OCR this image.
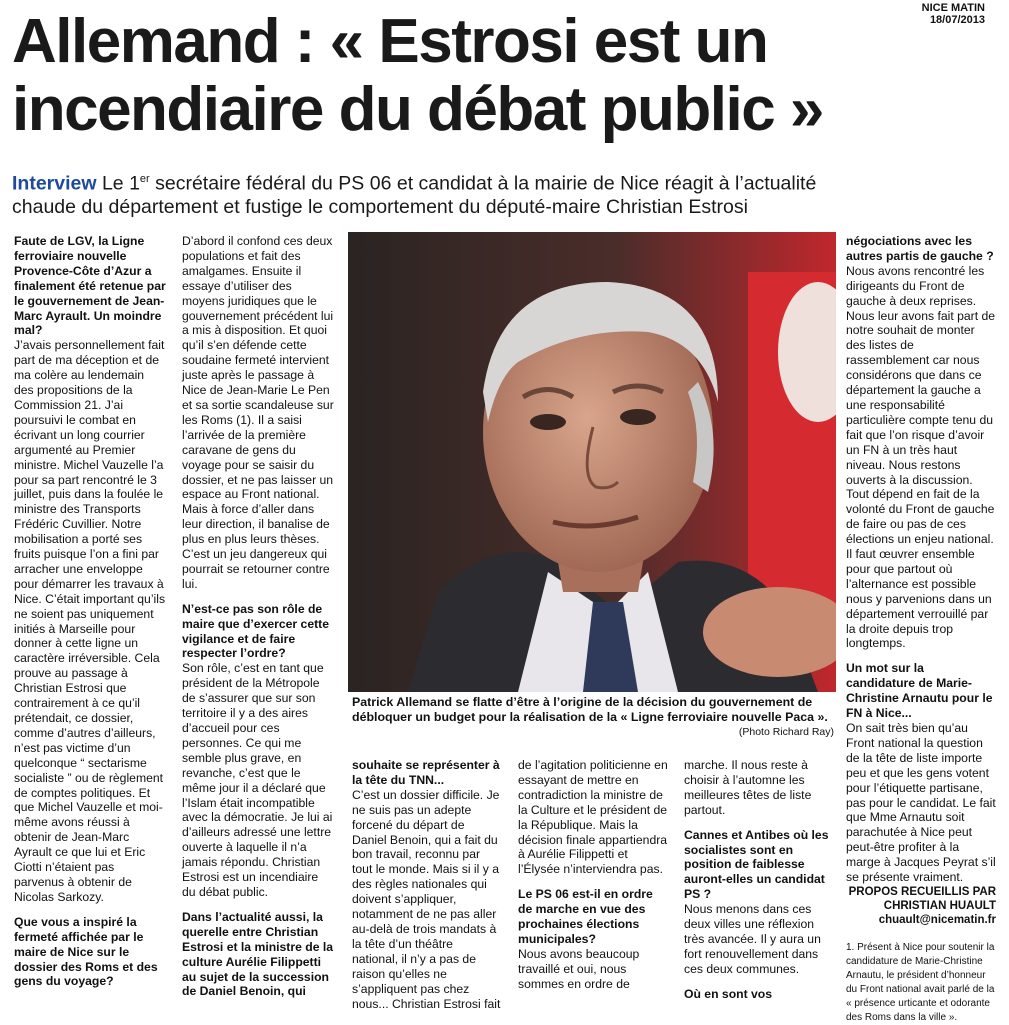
NICE MATIN
18/07/2013
Allemand : « Estrosi est un
incendiaire du débat public »
Interview Le 1er secrétaire fédéral du PS 06 et candidat à la mairie de Nice réagit à l’actualité
chaude du département et fustige le comportement du député-maire Christian Estrosi

Faute de LGV, la Ligne ferroviaire nouvelle Provence-Côte d’Azur a finalement été retenue par le gouvernement de Jean-Marc Ayrault. Un moindre mal?

J’avais personnellement fait part de ma déception et de ma colère au lendemain des propositions de la Commission 21. J’ai poursuivi le combat en écrivant un long courrier argumenté au Premier ministre. Michel Vauzelle l’a pour sa part rencontré le 3 juillet, puis dans la foulée le ministre des Transports Frédéric Cuvillier. Notre mobilisation a porté ses fruits puisque l’on a fini par arracher une enveloppe pour démarrer les travaux à Nice. C’était important qu’ils ne soient pas uniquement initiés à Marseille pour donner à cette ligne un caractère irréversible. Cela prouve au passage à Christian Estrosi que contrairement à ce qu’il prétendait, ce dossier, comme d’autres d’ailleurs, n’est pas victime d’un quelconque “ sectarisme socialiste ” ou de règlement de comptes politiques. Et que Michel Vauzelle et moi-même avons réussi à obtenir de Jean-Marc Ayrault ce que lui et Eric Ciotti n’étaient pas parvenus à obtenir de Nicolas Sarkozy.

Que vous a inspiré la fermeté affichée par le maire de Nice sur le dossier des Roms et des gens du voyage?

D’abord il confond ces deux populations et fait des amalgames. Ensuite il essaye d’utiliser des moyens juridiques que le gouvernement précédent lui a mis à disposition. Et quoi qu’il s’en défende cette soudaine fermeté intervient juste après le passage à Nice de Jean-Marie Le Pen et sa sortie scandaleuse sur les Roms (1). Il a saisi l’arrivée de la première caravane de gens du voyage pour se saisir du dossier, et ne pas laisser un espace au Front national. Mais à force d’aller dans leur direction, il banalise de plus en plus leurs thèses. C’est un jeu dangereux qui pourrait se retourner contre lui.

N’est-ce pas son rôle de maire que d’exercer cette vigilance et de faire respecter l’ordre?

Son rôle, c’est en tant que président de la Métropole de s’assurer que sur son territoire il y a des aires d’accueil pour ces personnes. Ce qui me semble plus grave, en revanche, c’est que le même jour il a déclaré que l’Islam était incompatible avec la démocratie. Je lui ai d’ailleurs adressé une lettre ouverte à laquelle il n’a jamais répondu. Christian Estrosi est un incendiaire du débat public.

Dans l’actualité aussi, la querelle entre Christian Estrosi et la ministre de la culture Aurélie Filippetti au sujet de la succession de Daniel Benoin, qui

Patrick Allemand se flatte d’être à l’origine de la décision du gouvernement de débloquer un budget pour la réalisation de la « Ligne ferroviaire nouvelle Paca ».
(Photo Richard Ray)

souhaite se représenter à la tête du TNN...

C’est un dossier difficile. Je ne suis pas un adepte forcené du départ de Daniel Benoin, qui a fait du bon travail, reconnu par tout le monde. Mais si il y a des règles nationales qui doivent s’appliquer, notamment de ne pas aller au-delà de trois mandats à la tête d’un théâtre national, il n’y a pas de raison qu’elles ne s’appliquent pas chez nous... Christian Estrosi fait

de l’agitation politicienne en essayant de mettre en contradiction la ministre de la Culture et le président de la République. Mais la décision finale appartiendra à Aurélie Filippetti et l’Élysée n’interviendra pas.

Le PS 06 est-il en ordre de marche en vue des prochaines élections municipales?

Nous avons beaucoup travaillé et oui, nous sommes en ordre de

marche. Il nous reste à choisir à l’automne les meilleures têtes de liste partout.

Cannes et Antibes où les socialistes sont en position de faiblesse auront-elles un candidat PS ?

Nous menons dans ces deux villes une réflexion très avancée. Il y aura un fort renouvellement dans ces deux communes.

Où en sont vos

négociations avec les autres partis de gauche ?

Nous avons rencontré les dirigeants du Front de gauche à deux reprises. Nous leur avons fait part de notre souhait de monter des listes de rassemblement car nous considérons que dans ce département la gauche a une responsabilité particulière compte tenu du fait que l’on risque d’avoir un FN à un très haut niveau. Nous restons ouverts à la discussion. Tout dépend en fait de la volonté du Front de gauche de faire ou pas de ces élections un enjeu national. Il faut œuvrer ensemble pour que partout où l’alternance est possible nous y parvenions dans un département verrouillé par la droite depuis trop longtemps.

Un mot sur la candidature de Marie-Christine Arnautu pour le FN à Nice...

On sait très bien qu’au Front national la question de la tête de liste importe peu et que les gens votent pour l’étiquette partisane, pas pour le candidat. Le fait que Mme Arnautu soit parachutée à Nice peut peut-être profiter à la marge à Jacques Peyrat s’il se présente vraiment.

PROPOS RECUEILLIS PAR
CHRISTIAN HUAULT
chuault@nicematin.fr
1. Présent à Nice pour soutenir la candidature de Marie-Christine Arnautu, le président d’honneur du Front national avait parlé de la « présence urticante et odorante des Roms dans la ville ».
